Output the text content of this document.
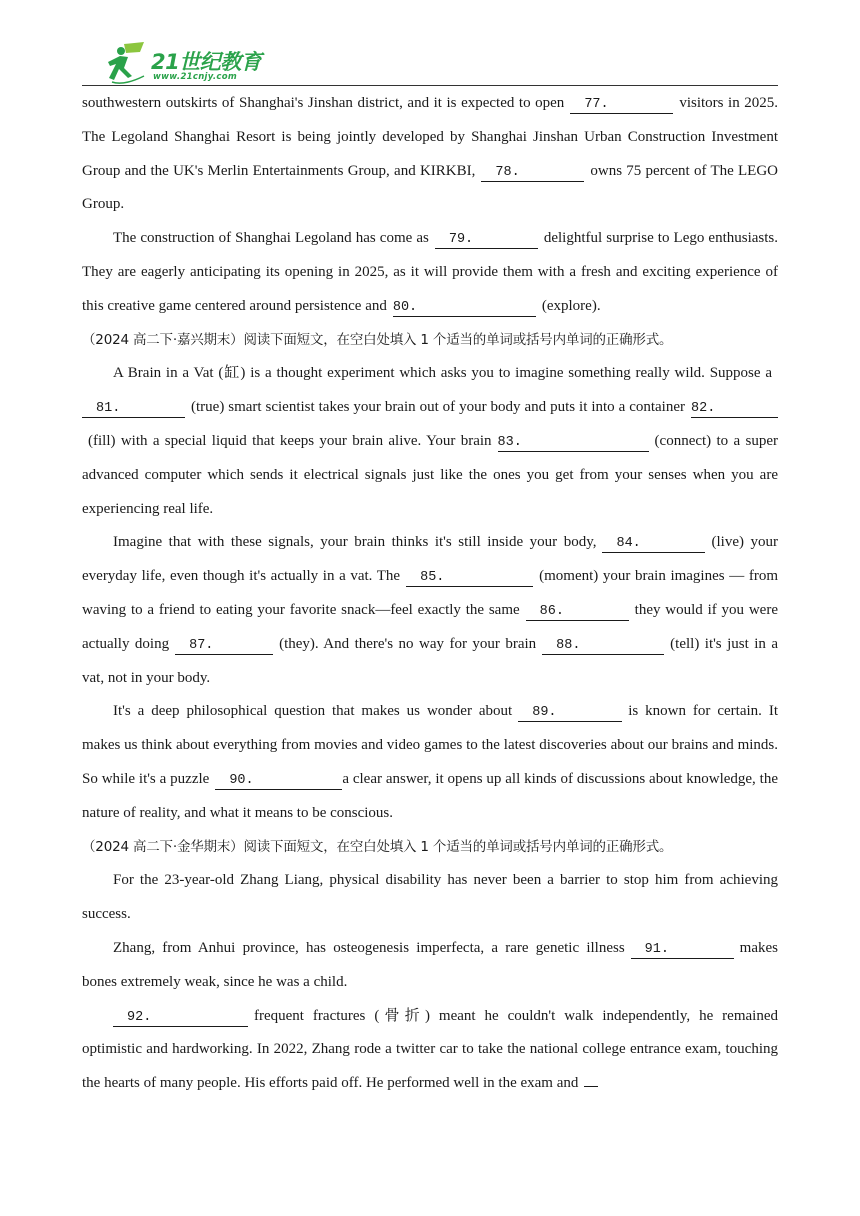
21世纪教育
www.21cnjy.com

southwestern outskirts of Shanghai's Jinshan district, and it is expected to open 77.	visitors in 2025. The Legoland Shanghai Resort is being jointly developed by Shanghai Jinshan Urban Construction Investment Group and the UK's Merlin Entertainments Group, and KIRKBI, 78.	owns 75 percent of The LEGO Group.

The construction of Shanghai Legoland has come as 79.	delightful surprise to Lego enthusiasts. They are eagerly anticipating its opening in 2025, as it will provide them with a fresh and exciting experience of this creative game centered around persistence and 80.	(explore).

（2024 高二下·嘉兴期末）阅读下面短文，在空白处填入 1 个适当的单词或括号内单词的正确形式。

A Brain in a Vat (缸) is a thought experiment which asks you to imagine something really wild. Suppose a81.	(true) smart scientist takes your brain out of your body and puts it into a container 82.(fill) with a special liquid that keeps your brain alive. Your brain 83.	(connect) to a super advanced computer which sends it electrical signals just like the ones you get from your senses when you are experiencing real life.

Imagine that with these signals, your brain thinks it's still inside your body, 84.	(live) your everyday life, even though it's actually in a vat. The 85.	(moment) your brain imagines — from waving to a friend to eating your favorite snack—feel exactly the same 86.	they would if you were actually doing 87.	(they). And there's no way for your brain 88.	(tell) it's just in a vat, not in your body.

It's a deep philosophical question that makes us wonder about 89.	is known for certain. It makes us think about everything from movies and video games to the latest discoveries about our brains and minds. So while it's a puzzle 90.	a clear answer, it opens up all kinds of discussions about knowledge, the nature of reality, and what it means to be conscious.

（2024 高二下·金华期末）阅读下面短文，在空白处填入 1 个适当的单词或括号内单词的正确形式。

For the 23-year-old Zhang Liang, physical disability has never been a barrier to stop him from achieving success.

Zhang, from Anhui province, has osteogenesis imperfecta, a rare genetic illness 91.	makes bones extremely weak, since he was a child.

92.	frequent fractures (骨折) meant he couldn't walk independently, he remained optimistic and hardworking. In 2022, Zhang rode a twitter car to take the national college entrance exam, touching the hearts of many people. His efforts paid off. He performed well in the exam and
